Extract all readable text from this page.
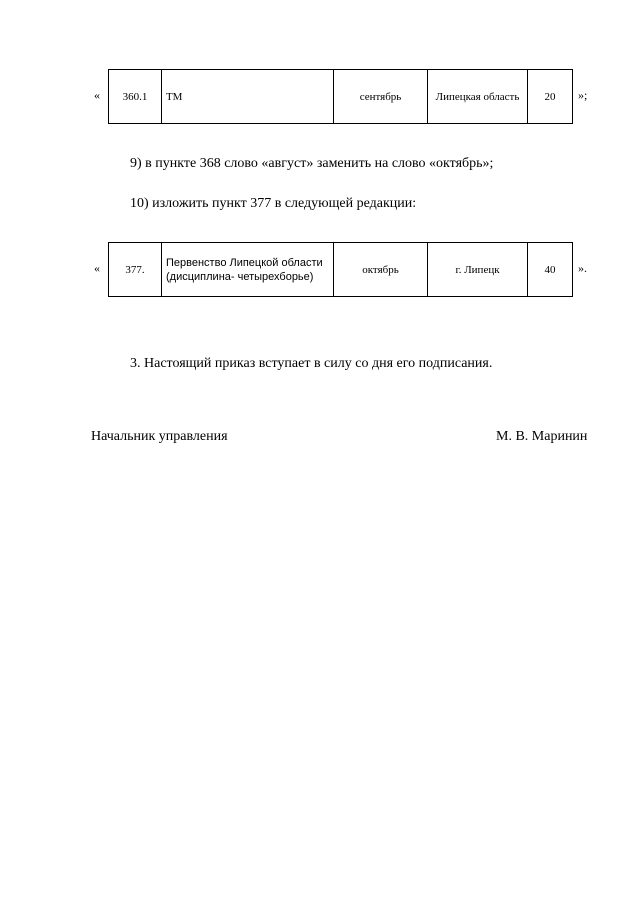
« 360.1	ТМ	сентябрь	Липецкая область	20 »;
9) в пункте 368 слово «август» заменить на слово «октябрь»;
10) изложить пункт 377 в следующей редакции:
« 377.	Первенство Липецкой области (дисциплина- четырехборье)	октябрь	г. Липецк	40 ».
3. Настоящий приказ вступает в силу со дня его подписания.
Начальник управления	М. В. Маринин
